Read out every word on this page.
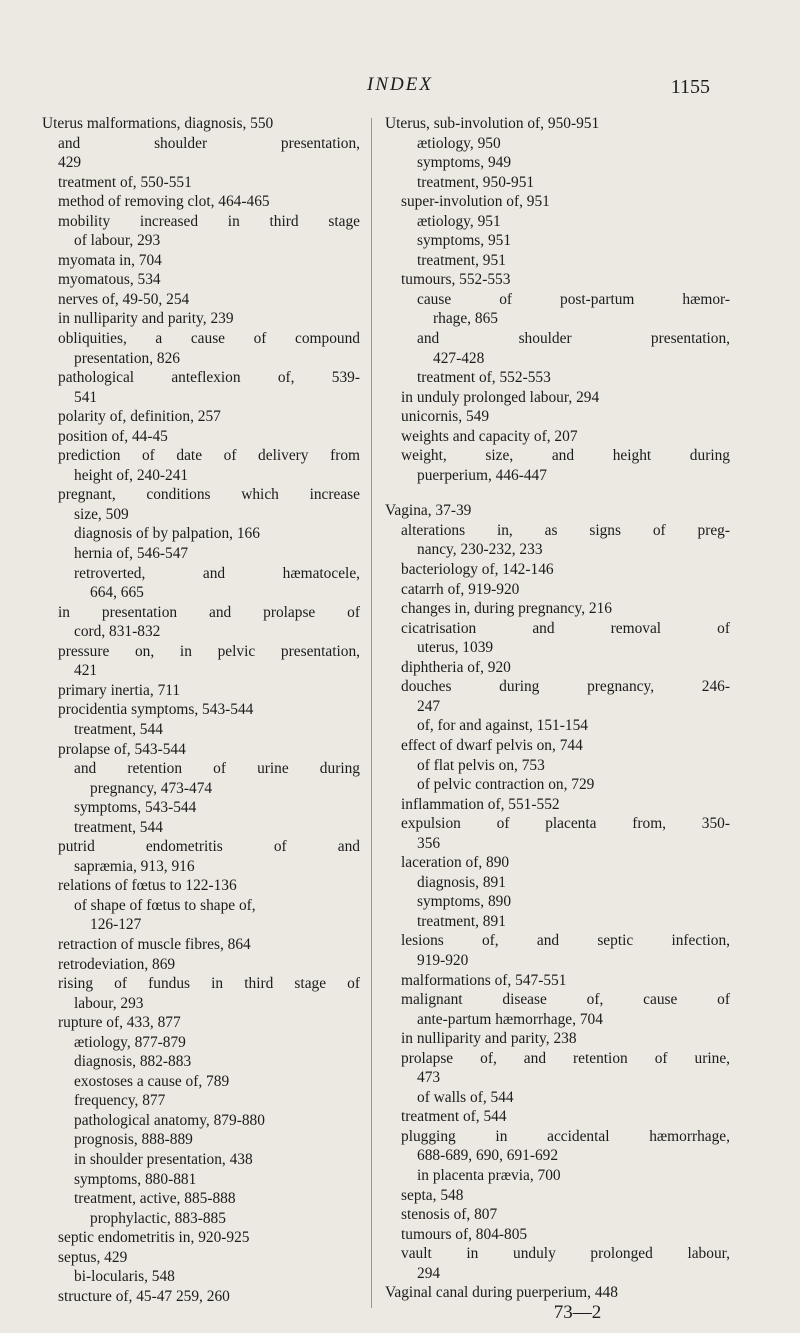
INDEX	1155
Uterus malformations, diagnosis, 550
and shoulder presentation,
429
treatment of, 550-551
method of removing clot, 464-465
mobility increased in third stage
of labour, 293
myomata in, 704
myomatous, 534
nerves of, 49-50, 254
in nulliparity and parity, 239
obliquities, a cause of compound
presentation, 826
pathological anteflexion of, 539-
541
polarity of, definition, 257
position of, 44-45
prediction of date of delivery from
height of, 240-241
pregnant, conditions which increase
size, 509
diagnosis of by palpation, 166
hernia of, 546-547
retroverted, and hæmatocele,
664, 665
in presentation and prolapse of
cord, 831-832
pressure on, in pelvic presentation,
421
primary inertia, 711
procidentia symptoms, 543-544
treatment, 544
prolapse of, 543-544
and retention of urine during
pregnancy, 473-474
symptoms, 543-544
treatment, 544
putrid endometritis of and
sapræmia, 913, 916
relations of fœtus to 122-136
of shape of fœtus to shape of,
126-127
retraction of muscle fibres, 864
retrodeviation, 869
rising of fundus in third stage of
labour, 293
rupture of, 433, 877
ætiology, 877-879
diagnosis, 882-883
exostoses a cause of, 789
frequency, 877
pathological anatomy, 879-880
prognosis, 888-889
in shoulder presentation, 438
symptoms, 880-881
treatment, active, 885-888
prophylactic, 883-885
septic endometritis in, 920-925
septus, 429
bi-locularis, 548
structure of, 45-47 259, 260
Uterus, sub-involution of, 950-951
ætiology, 950
symptoms, 949
treatment, 950-951
super-involution of, 951
ætiology, 951
symptoms, 951
treatment, 951
tumours, 552-553
cause of post-partum hæmor-
rhage, 865
and shoulder presentation,
427-428
treatment of, 552-553
in unduly prolonged labour, 294
unicornis, 549
weights and capacity of, 207
weight, size, and height during
puerperium, 446-447
Vagina, 37-39
alterations in, as signs of preg-
nancy, 230-232, 233
bacteriology of, 142-146
catarrh of, 919-920
changes in, during pregnancy, 216
cicatrisation and removal of
uterus, 1039
diphtheria of, 920
douches during pregnancy, 246-
247
of, for and against, 151-154
effect of dwarf pelvis on, 744
of flat pelvis on, 753
of pelvic contraction on, 729
inflammation of, 551-552
expulsion of placenta from, 350-
356
laceration of, 890
diagnosis, 891
symptoms, 890
treatment, 891
lesions of, and septic infection,
919-920
malformations of, 547-551
malignant disease of, cause of
ante-partum hæmorrhage, 704
in nulliparity and parity, 238
prolapse of, and retention of urine,
473
of walls of, 544
treatment of, 544
plugging in accidental hæmorrhage,
688-689, 690, 691-692
in placenta prævia, 700
septa, 548
stenosis of, 807
tumours of, 804-805
vault in unduly prolonged labour,
294
Vaginal canal during puerperium, 448
73—2
